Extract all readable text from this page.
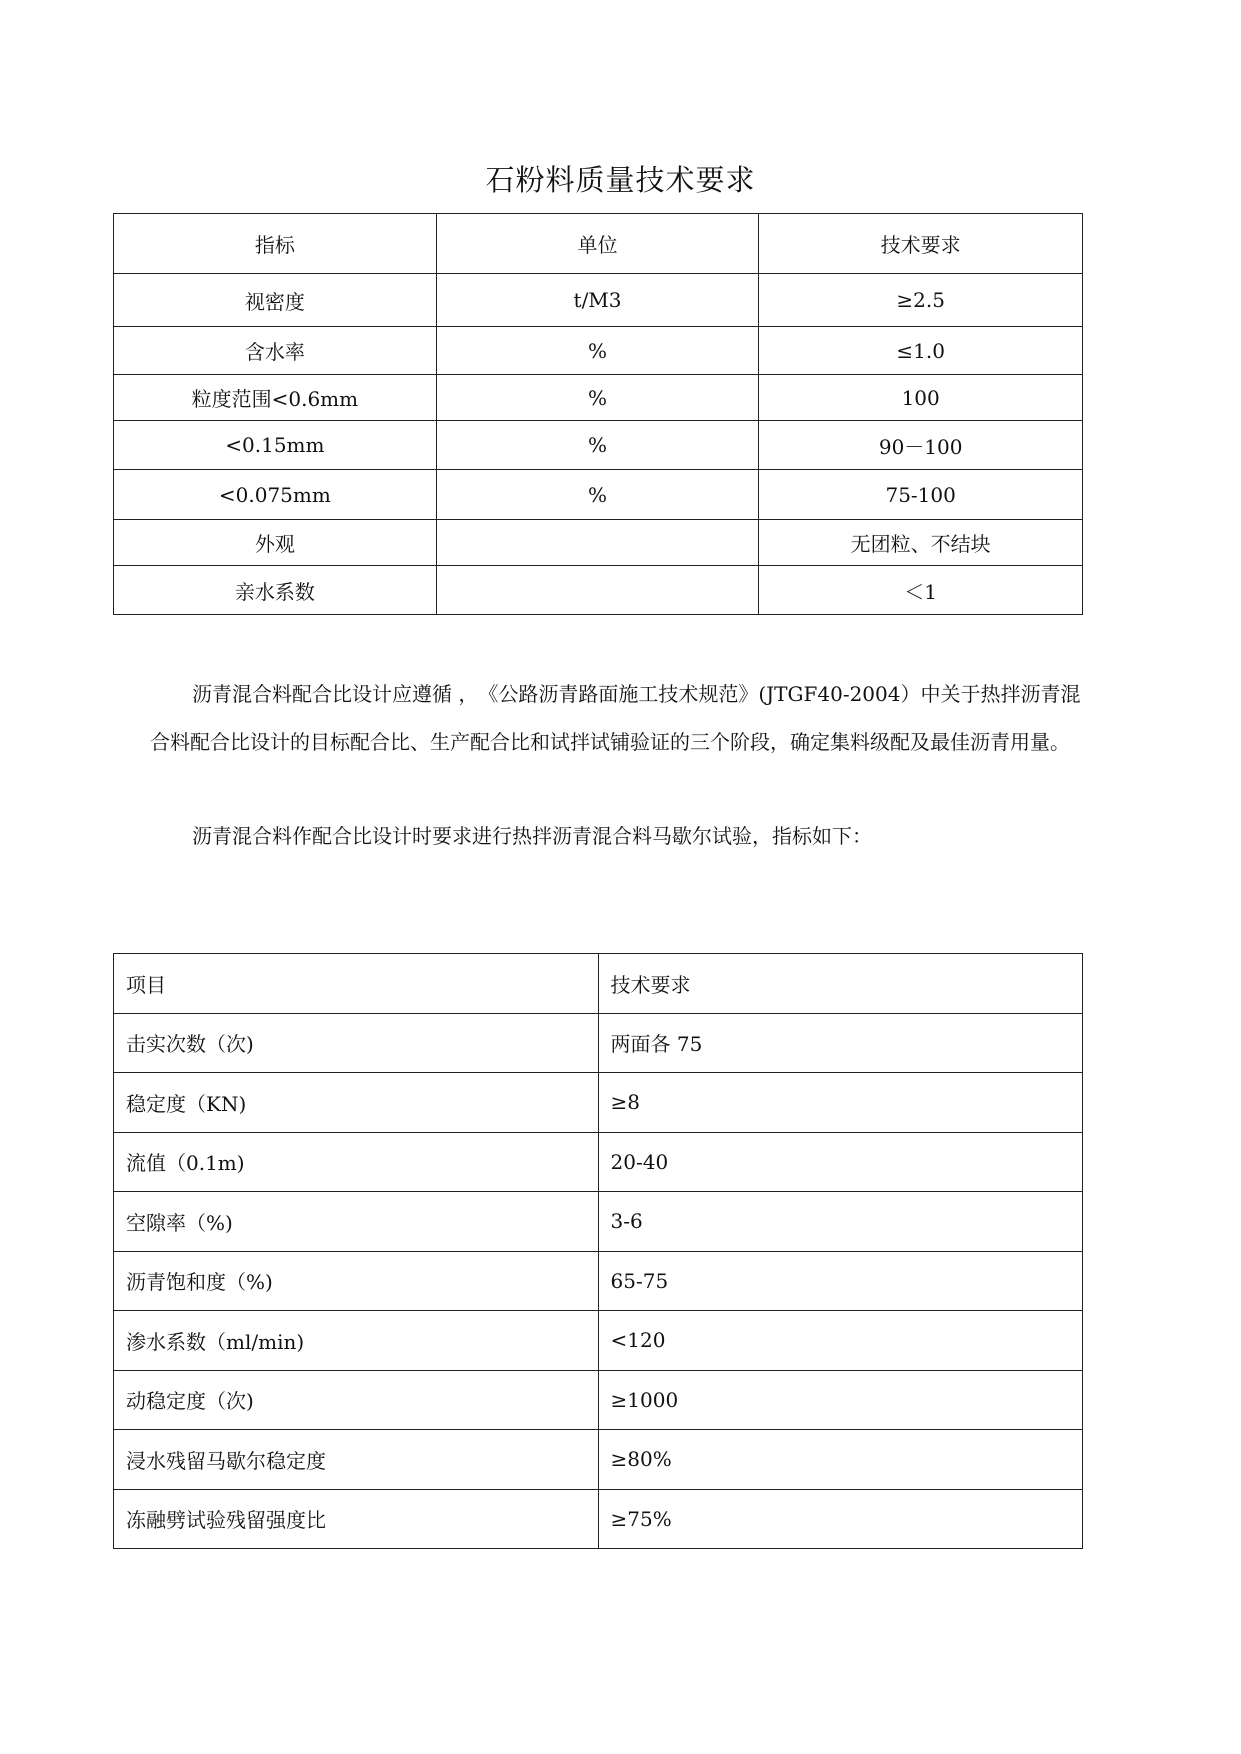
石粉料质量技术要求
指标	单位	技术要求
视密度	t/M3	≥2.5
含水率	%	≤1.0
粒度范围<0.6mm	%	100
<0.15mm	%	90－100
<0.075mm	%	75-100
外观		无团粒、不结块
亲水系数		＜1

沥青混合料配合比设计应遵循 ，　《公路沥青路面施工技术规范》(JTGF40-2004）中关于热拌沥青混合料配合比设计的目标配合比、生产配合比和试拌试铺验证的三个阶段，确定集料级配及最佳沥青用量。

沥青混合料作配合比设计时要求进行热拌沥青混合料马歇尔试验，指标如下：

项目	技术要求
击实次数（次)	两面各 75
稳定度（KN)	≥8
流值（0.1m)	20-40
空隙率（%)	3-6
沥青饱和度（%)	65-75
渗水系数（ml/min)	<120
动稳定度（次)	≥1000
浸水残留马歇尔稳定度	≥80%
冻融劈试验残留强度比	≥75%
